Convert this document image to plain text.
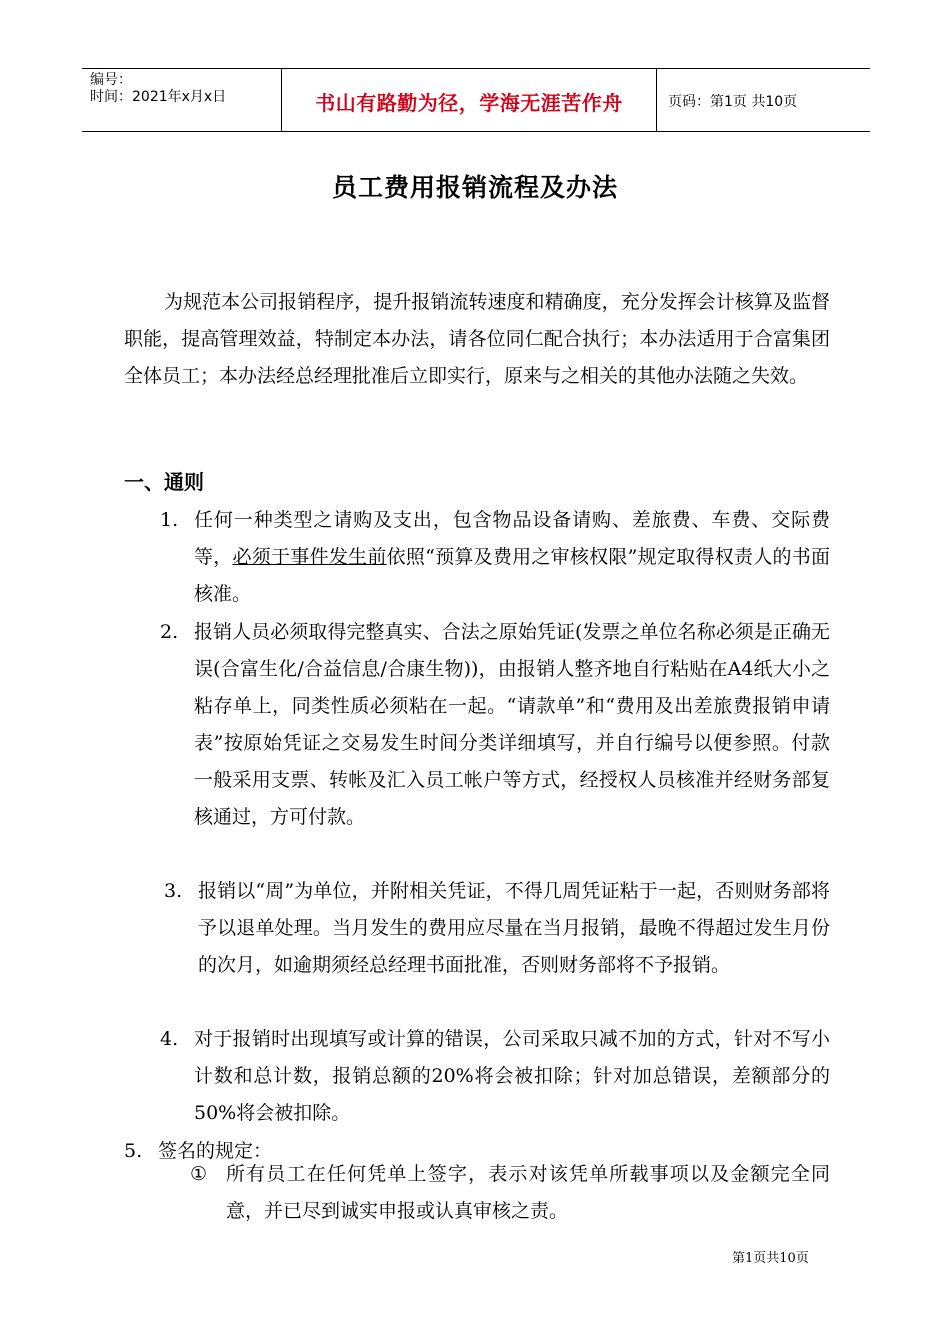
编号：
时间：2021年x月x日	书山有路勤为径，学海无涯苦作舟	页码：第1页 共10页
员工费用报销流程及办法
为规范本公司报销程序，提升报销流转速度和精确度，充分发挥会计核算及监督职能，提高管理效益，特制定本办法，请各位同仁配合执行；本办法适用于合富集团全体员工；本办法经总经理批准后立即实行，原来与之相关的其他办法随之失效。
一、通则
1. 任何一种类型之请购及支出，包含物品设备请购、差旅费、车费、交际费等，必须于事件发生前依照“预算及费用之审核权限”规定取得权责人的书面核准。
2. 报销人员必须取得完整真实、合法之原始凭证(发票之单位名称必须是正确无误(合富生化/合益信息/合康生物))，由报销人整齐地自行粘贴在A4纸大小之粘存单上，同类性质必须粘在一起。“请款单”和“费用及出差旅费报销申请表”按原始凭证之交易发生时间分类详细填写，并自行编号以便参照。付款一般采用支票、转帐及汇入员工帐户等方式，经授权人员核准并经财务部复核通过，方可付款。
3. 报销以“周”为单位，并附相关凭证，不得几周凭证粘于一起，否则财务部将予以退单处理。当月发生的费用应尽量在当月报销，最晚不得超过发生月份的次月，如逾期须经总经理书面批准，否则财务部将不予报销。
4. 对于报销时出现填写或计算的错误，公司采取只减不加的方式，针对不写小计数和总计数，报销总额的20%将会被扣除；针对加总错误，差额部分的50%将会被扣除。
5. 签名的规定：
① 所有员工在任何凭单上签字，表示对该凭单所载事项以及金额完全同意，并已尽到诚实申报或认真审核之责。
第1页共10页
